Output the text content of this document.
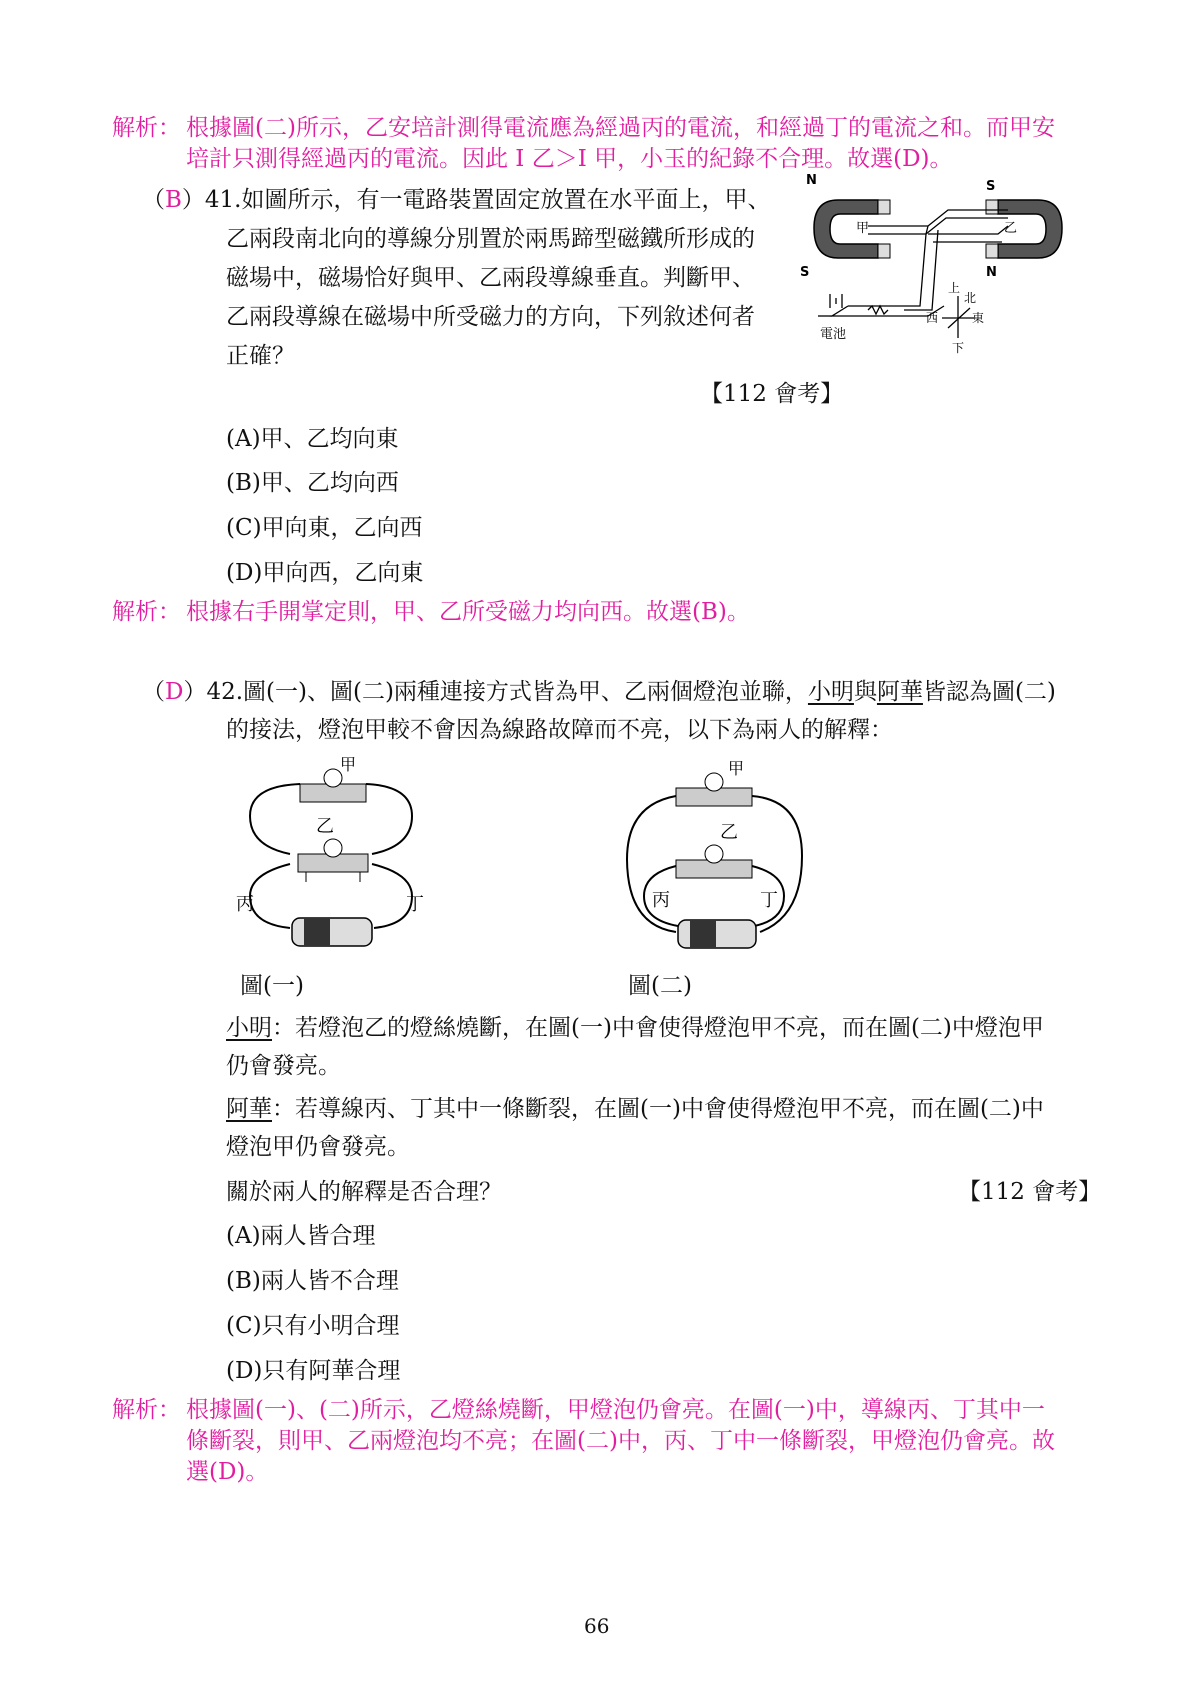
解析： 根據圖(二)所示，乙安培計測得電流應為經過丙的電流，和經過丁的電流之和。而甲安
培計只測得經過丙的電流。因此 I 乙＞I 甲，小玉的紀錄不合理。故選(D)。
（B）41.如圖所示，有一電路裝置固定放置在水平面上，甲、
乙兩段南北向的導線分別置於兩馬蹄型磁鐵所形成的
磁場中，磁場恰好與甲、乙兩段導線垂直。判斷甲、
乙兩段導線在磁場中所受磁力的方向，下列敘述何者
正確？
N
S
S
N
甲	乙
電池
上
北
西	東
下
【112 會考】
(A)甲、乙均向東
(B)甲、乙均向西
(C)甲向東，乙向西
(D)甲向西，乙向東
解析： 根據右手開掌定則，甲、乙所受磁力均向西。故選(B)。
（D）42.圖(一)、圖(二)兩種連接方式皆為甲、乙兩個燈泡並聯，小明與阿華皆認為圖(二)
的接法，燈泡甲較不會因為線路故障而不亮，以下為兩人的解釋：
甲
乙
丙	丁
甲
乙
丙	丁
圖(一)	圖(二)
小明：若燈泡乙的燈絲燒斷，在圖(一)中會使得燈泡甲不亮，而在圖(二)中燈泡甲
仍會發亮。
阿華：若導線丙、丁其中一條斷裂，在圖(一)中會使得燈泡甲不亮，而在圖(二)中
燈泡甲仍會發亮。
關於兩人的解釋是否合理？	【112 會考】
(A)兩人皆合理
(B)兩人皆不合理
(C)只有小明合理
(D)只有阿華合理
解析： 根據圖(一)、(二)所示，乙燈絲燒斷，甲燈泡仍會亮。在圖(一)中，導線丙、丁其中一
條斷裂，則甲、乙兩燈泡均不亮；在圖(二)中，丙、丁中一條斷裂，甲燈泡仍會亮。故
選(D)。
66
